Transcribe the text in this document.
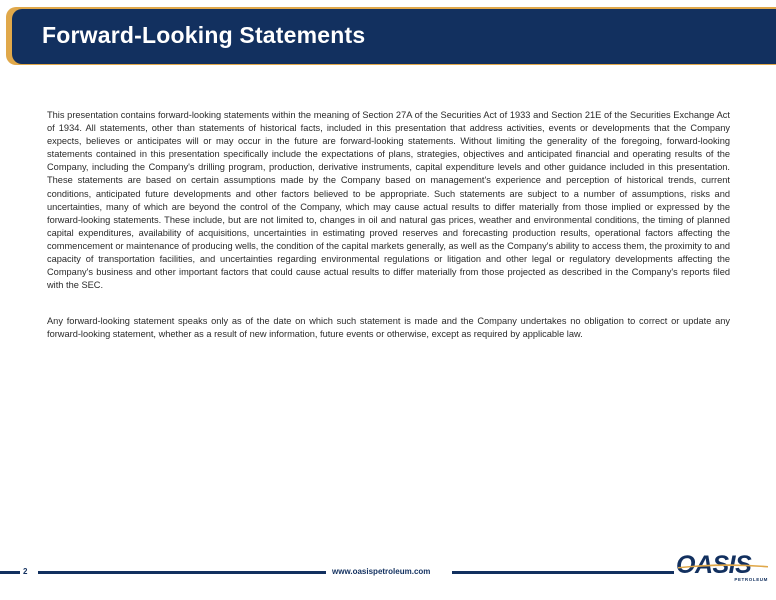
Forward-Looking Statements

This presentation contains forward-looking statements within the meaning of Section 27A of the Securities Act of 1933 and Section 21E of the Securities Exchange Act of 1934. All statements, other than statements of historical facts, included in this presentation that address activities, events or developments that the Company expects, believes or anticipates will or may occur in the future are forward-looking statements. Without limiting the generality of the foregoing, forward-looking statements contained in this presentation specifically include the expectations of plans, strategies, objectives and anticipated financial and operating results of the Company, including the Company's drilling program, production, derivative instruments, capital expenditure levels and other guidance included in this presentation. These statements are based on certain assumptions made by the Company based on management's experience and perception of historical trends, current conditions, anticipated future developments and other factors believed to be appropriate. Such statements are subject to a number of assumptions, risks and uncertainties, many of which are beyond the control of the Company, which may cause actual results to differ materially from those implied or expressed by the forward-looking statements. These include, but are not limited to, changes in oil and natural gas prices, weather and environmental conditions, the timing of planned capital expenditures, availability of acquisitions, uncertainties in estimating proved reserves and forecasting production results, operational factors affecting the commencement or maintenance of producing wells, the condition of the capital markets generally, as well as the Company's ability to access them, the proximity to and capacity of transportation facilities, and uncertainties regarding environmental regulations or litigation and other legal or regulatory developments affecting the Company's business and other important factors that could cause actual results to differ materially from those projected as described in the Company's reports filed with the SEC.

Any forward-looking statement speaks only as of the date on which such statement is made and the Company undertakes no obligation to correct or update any forward-looking statement, whether as a result of new information, future events or otherwise, except as required by applicable law.

2	www.oasispetroleum.com	OASIS
PETROLEUM
